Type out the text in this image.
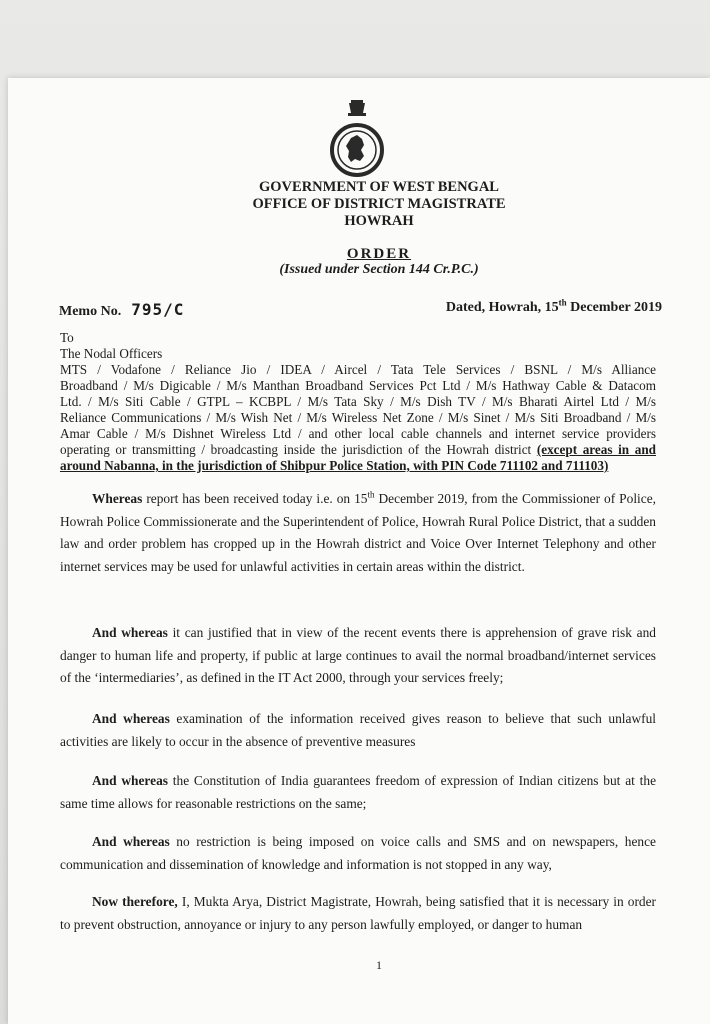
GOVERNMENT OF WEST BENGAL
OFFICE OF DISTRICT MAGISTRATE
HOWRAH
ORDER
(Issued under Section 144 Cr.P.C.)
Memo No. 795/C	Dated, Howrah, 15th December 2019
To
The Nodal Officers
MTS / Vodafone / Reliance Jio / IDEA / Aircel / Tata Tele Services / BSNL / M/s Alliance
Broadband / M/s Digicable / M/s Manthan Broadband Services Pct Ltd / M/s Hathway Cable & Datacom
Ltd. / M/s Siti Cable / GTPL – KCBPL / M/s Tata Sky / M/s Dish TV / M/s Bharati Airtel Ltd / M/s
Reliance Communications / M/s Wish Net / M/s Wireless Net Zone / M/s Sinet / M/s Siti Broadband / M/s
Amar Cable / M/s Dishnet Wireless Ltd / and other local cable channels and internet service providers
operating or transmitting / broadcasting inside the jurisdiction of the Howrah district (except areas in and
around Nabanna, in the jurisdiction of Shibpur Police Station, with PIN Code 711102 and 711103)
Whereas report has been received today i.e. on 15th December 2019, from the Commissioner of Police, Howrah Police Commissionerate and the Superintendent of Police, Howrah Rural Police District, that a sudden law and order problem has cropped up in the Howrah district and Voice Over Internet Telephony and other internet services may be used for unlawful activities in certain areas within the district.
And whereas it can justified that in view of the recent events there is apprehension of grave risk and danger to human life and property, if public at large continues to avail the normal broadband/internet services of the ‘intermediaries’, as defined in the IT Act 2000, through your services freely;
And whereas examination of the information received gives reason to believe that such unlawful activities are likely to occur in the absence of preventive measures
And whereas the Constitution of India guarantees freedom of expression of Indian citizens but at the same time allows for reasonable restrictions on the same;
And whereas no restriction is being imposed on voice calls and SMS and on newspapers, hence communication and dissemination of knowledge and information is not stopped in any way,
Now therefore, I, Mukta Arya, District Magistrate, Howrah, being satisfied that it is necessary in order to prevent obstruction, annoyance or injury to any person lawfully employed, or danger to human
1
